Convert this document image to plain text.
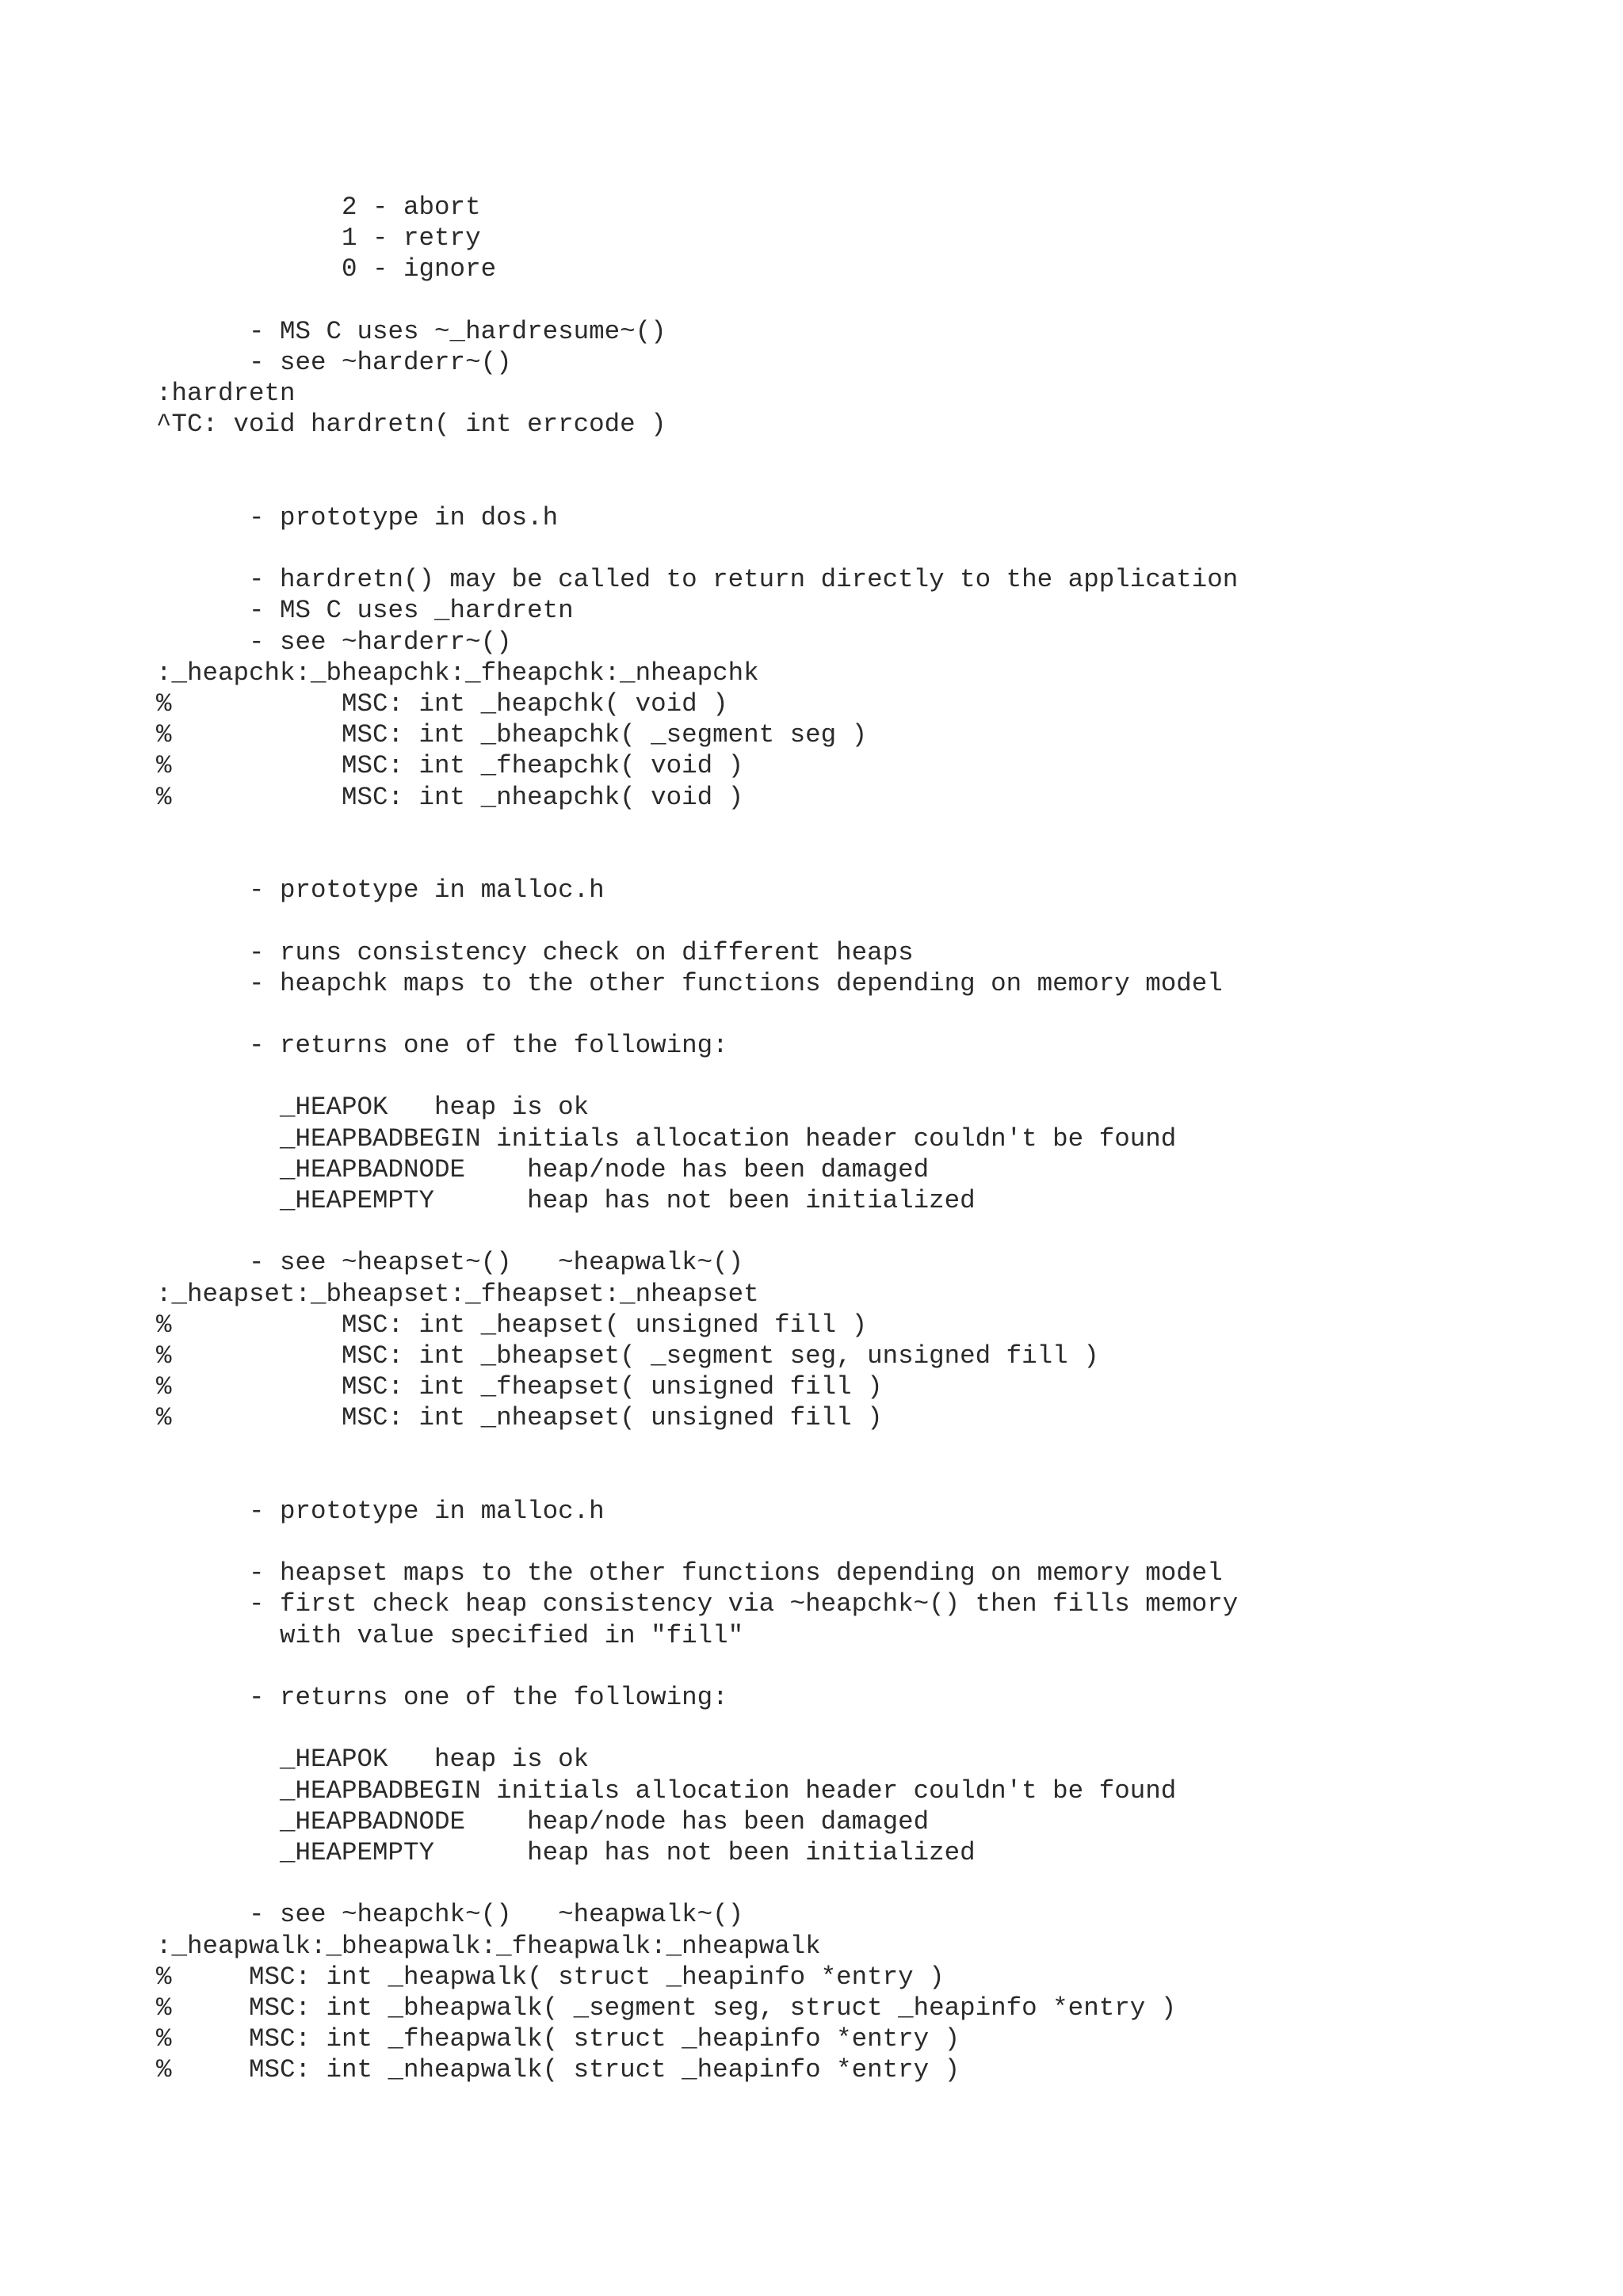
2 - abort
1 - retry
0 - ignore
- MS C uses ~_hardresume~()
- see ~harderr~()
:hardretn
^TC: void hardretn( int errcode )
- prototype in dos.h
- hardretn() may be called to return directly to the application
- MS C uses _hardretn
- see ~harderr~()
:_heapchk:_bheapchk:_fheapchk:_nheapchk
%           MSC: int _heapchk( void )
%           MSC: int _bheapchk( _segment seg )
%           MSC: int _fheapchk( void )
%           MSC: int _nheapchk( void )
- prototype in malloc.h
- runs consistency check on different heaps
- heapchk maps to the other functions depending on memory model
- returns one of the following:
_HEAPOK   heap is ok
_HEAPBADBEGIN initials allocation header couldn't be found
_HEAPBADNODE    heap/node has been damaged
_HEAPEMPTY      heap has not been initialized
- see ~heapset~()   ~heapwalk~()
:_heapset:_bheapset:_fheapset:_nheapset
%           MSC: int _heapset( unsigned fill )
%           MSC: int _bheapset( _segment seg, unsigned fill )
%           MSC: int _fheapset( unsigned fill )
%           MSC: int _nheapset( unsigned fill )
- prototype in malloc.h
- heapset maps to the other functions depending on memory model
- first check heap consistency via ~heapchk~() then fills memory
with value specified in "fill"
- returns one of the following:
_HEAPOK   heap is ok
_HEAPBADBEGIN initials allocation header couldn't be found
_HEAPBADNODE    heap/node has been damaged
_HEAPEMPTY      heap has not been initialized
- see ~heapchk~()   ~heapwalk~()
:_heapwalk:_bheapwalk:_fheapwalk:_nheapwalk
%     MSC: int _heapwalk( struct _heapinfo *entry )
%     MSC: int _bheapwalk( _segment seg, struct _heapinfo *entry )
%     MSC: int _fheapwalk( struct _heapinfo *entry )
%     MSC: int _nheapwalk( struct _heapinfo *entry )
